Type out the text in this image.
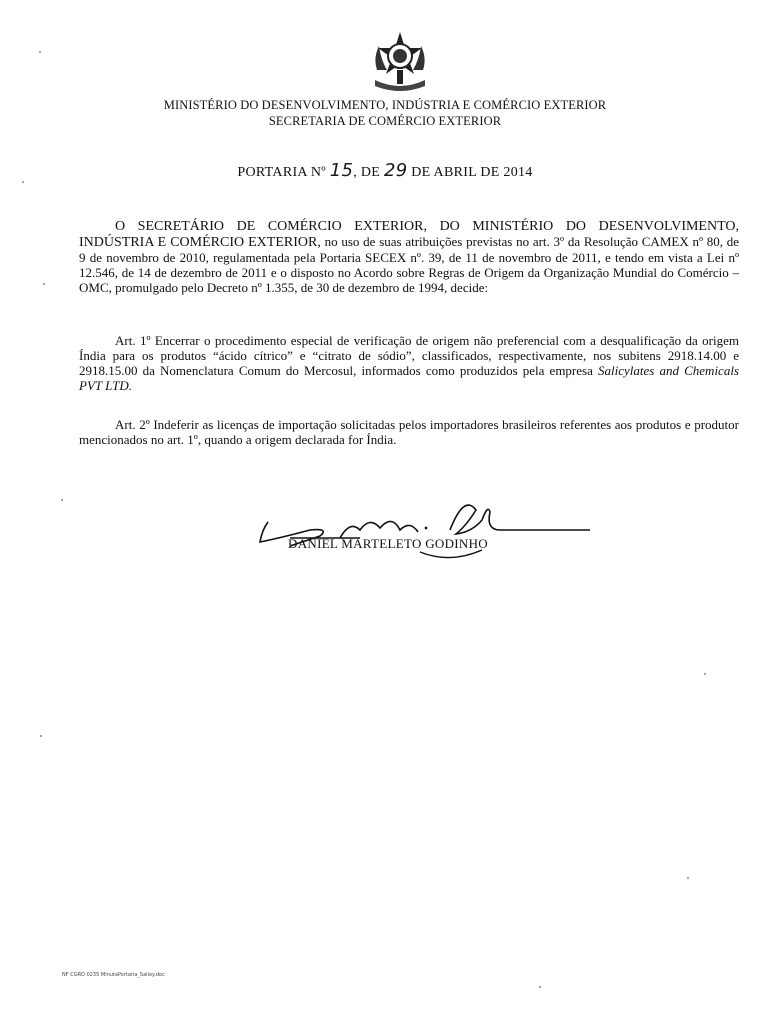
MINISTÉRIO DO DESENVOLVIMENTO, INDÚSTRIA E COMÉRCIO EXTERIOR
SECRETARIA DE COMÉRCIO EXTERIOR
PORTARIA Nº 15, DE 29 DE ABRIL DE 2014
O SECRETÁRIO DE COMÉRCIO EXTERIOR, DO MINISTÉRIO DO DESENVOLVIMENTO, INDÚSTRIA E COMÉRCIO EXTERIOR, no uso de suas atribuições previstas no art. 3º da Resolução CAMEX nº 80, de 9 de novembro de 2010, regulamentada pela Portaria SECEX nº. 39, de 11 de novembro de 2011, e tendo em vista a Lei nº 12.546, de 14 de dezembro de 2011 e o disposto no Acordo sobre Regras de Origem da Organização Mundial do Comércio – OMC, promulgado pelo Decreto nº 1.355, de 30 de dezembro de 1994, decide:
Art. 1º Encerrar o procedimento especial de verificação de origem não preferencial com a desqualificação da origem Índia para os produtos “ácido cítrico” e “citrato de sódio”, classificados, respectivamente, nos subitens 2918.14.00 e 2918.15.00 da Nomenclatura Comum do Mercosul, informados como produzidos pela empresa Salicylates and Chemicals PVT LTD.
Art. 2º Indeferir as licenças de importação solicitadas pelos importadores brasileiros referentes aos produtos e produtor mencionados no art. 1º, quando a origem declarada for Índia.
DANIEL MARTELETO GODINHO
NF CGRO 0235 MinutaPortaria_Saliey.doc
